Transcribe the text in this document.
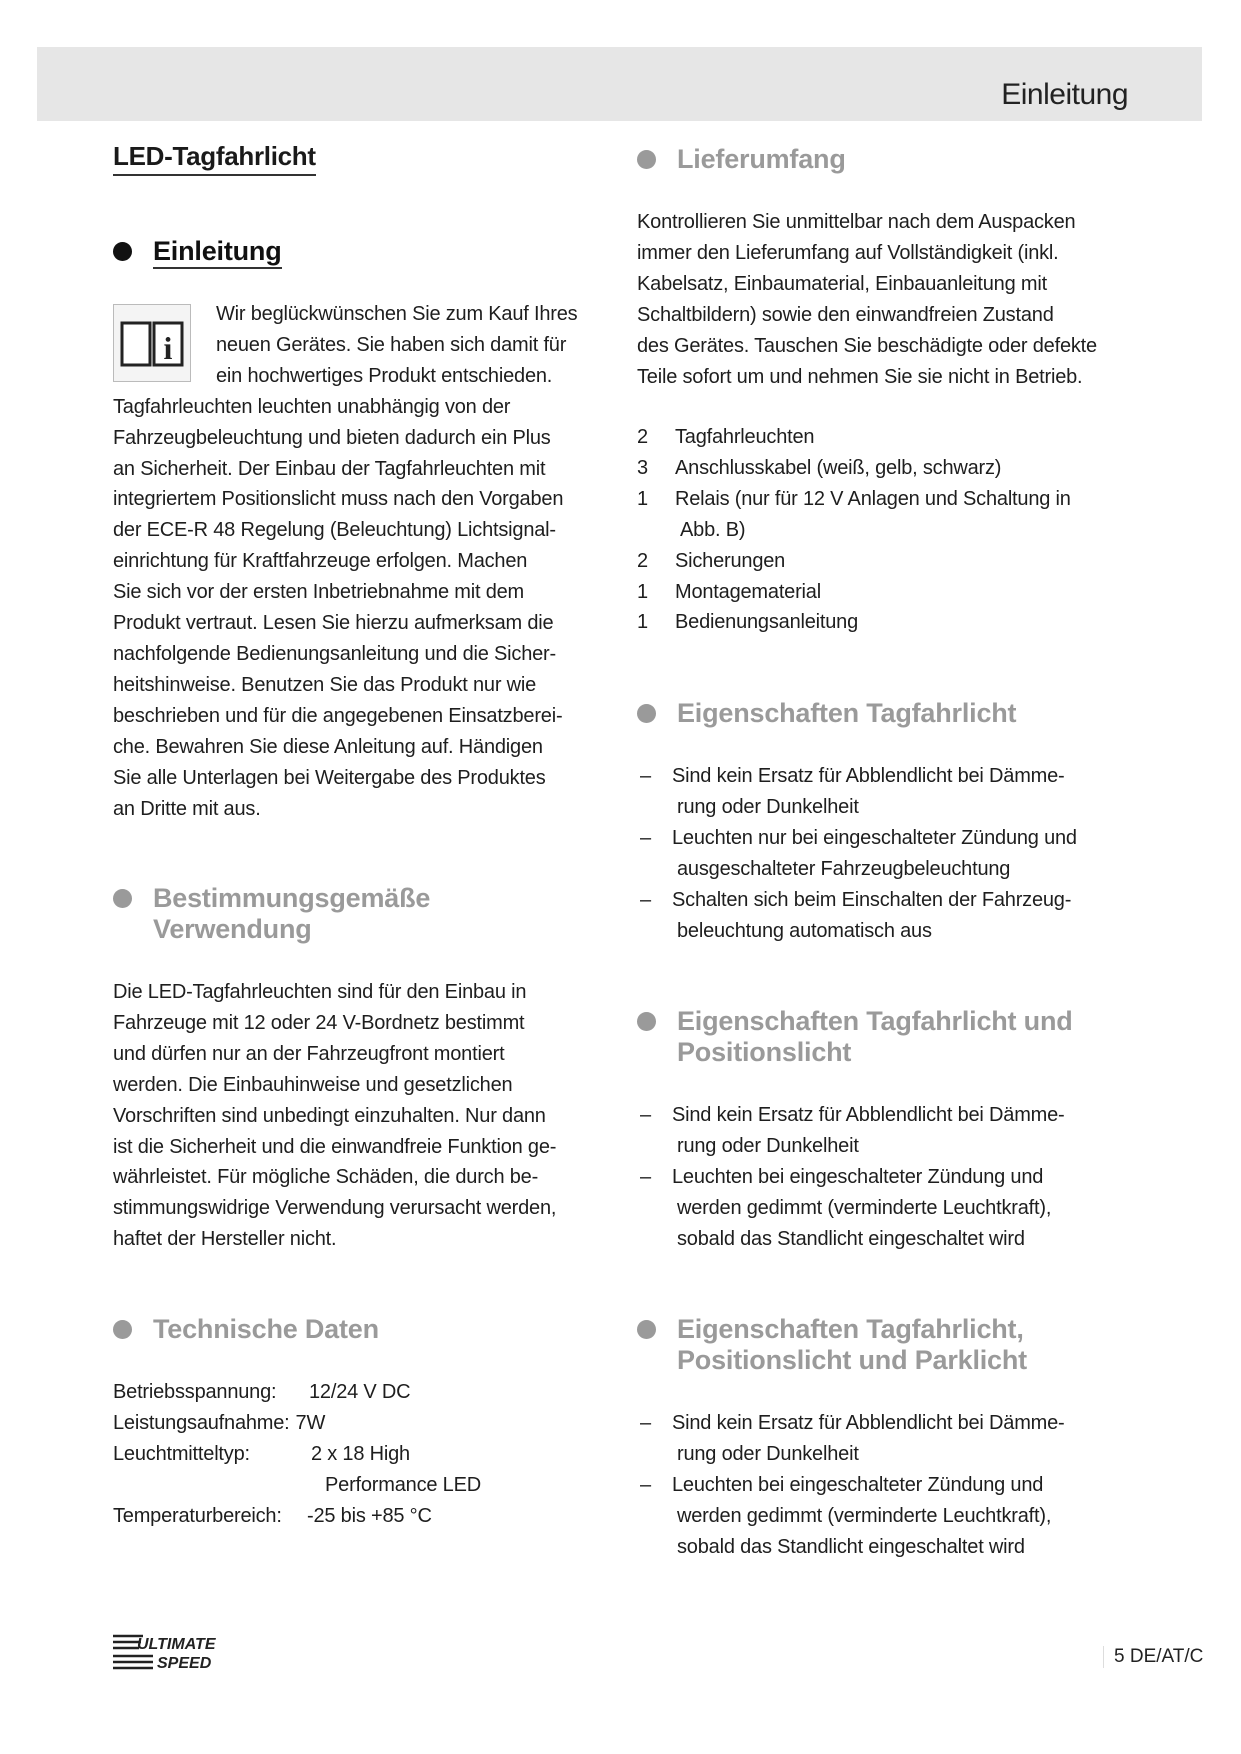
Einleitung
LED-Tagfahrlicht
Einleitung
i
Wir beglückwünschen Sie zum Kauf Ihres
neuen Gerätes. Sie haben sich damit für
ein hochwertiges Produkt entschieden.
Tagfahrleuchten leuchten unabhängig von der
Fahrzeugbeleuchtung und bieten dadurch ein Plus
an Sicherheit. Der Einbau der Tagfahrleuchten mit
integriertem Positionslicht muss nach den Vorgaben
der ECE-R 48 Regelung (Beleuchtung) Lichtsignal-
einrichtung für Kraftfahrzeuge erfolgen. Machen
Sie sich vor der ersten Inbetriebnahme mit dem
Produkt vertraut. Lesen Sie hierzu aufmerksam die
nachfolgende Bedienungsanleitung und die Sicher-
heitshinweise. Benutzen Sie das Produkt nur wie
beschrieben und für die angegebenen Einsatzberei-
che. Bewahren Sie diese Anleitung auf. Händigen
Sie alle Unterlagen bei Weitergabe des Produktes
an Dritte mit aus.
Bestimmungsgemäße
Verwendung
Die LED-Tagfahrleuchten sind für den Einbau in
Fahrzeuge mit 12 oder 24 V-Bordnetz bestimmt
und dürfen nur an der Fahrzeugfront montiert
werden. Die Einbauhinweise und gesetzlichen
Vorschriften sind unbedingt einzuhalten. Nur dann
ist die Sicherheit und die einwandfreie Funktion ge-
währleistet. Für mögliche Schäden, die durch be-
stimmungswidrige Verwendung verursacht werden,
haftet der Hersteller nicht.
Technische Daten
Betriebsspannung:	12/24 V DC
Leistungsaufnahme: 7W
Leuchtmitteltyp:	2 x 18 High
Performance LED
Temperaturbereich:	-25 bis +85 °C
Lieferumfang
Kontrollieren Sie unmittelbar nach dem Auspacken
immer den Lieferumfang auf Vollständigkeit (inkl.
Kabelsatz, Einbaumaterial, Einbauanleitung mit
Schaltbildern) sowie den einwandfreien Zustand
des Gerätes. Tauschen Sie beschädigte oder defekte
Teile sofort um und nehmen Sie sie nicht in Betrieb.
2	Tagfahrleuchten
3	Anschlusskabel (weiß, gelb, schwarz)
1	Relais (nur für 12 V Anlagen und Schaltung in
Abb. B)
2	Sicherungen
1	Montagematerial
1	Bedienungsanleitung
Eigenschaften Tagfahrlicht
–	Sind kein Ersatz für Abblendlicht bei Dämme-
rung oder Dunkelheit
–	Leuchten nur bei eingeschalteter Zündung und
ausgeschalteter Fahrzeugbeleuchtung
–	Schalten sich beim Einschalten der Fahrzeug-
beleuchtung automatisch aus
Eigenschaften Tagfahrlicht und
Positionslicht
–	Sind kein Ersatz für Abblendlicht bei Dämme-
rung oder Dunkelheit
–	Leuchten bei eingeschalteter Zündung und
werden gedimmt (verminderte Leuchtkraft),
sobald das Standlicht eingeschaltet wird
Eigenschaften Tagfahrlicht,
Positionslicht und Parklicht
–	Sind kein Ersatz für Abblendlicht bei Dämme-
rung oder Dunkelheit
–	Leuchten bei eingeschalteter Zündung und
werden gedimmt (verminderte Leuchtkraft),
sobald das Standlicht eingeschaltet wird
ULTIMATE
SPEED	5 DE/AT/C
